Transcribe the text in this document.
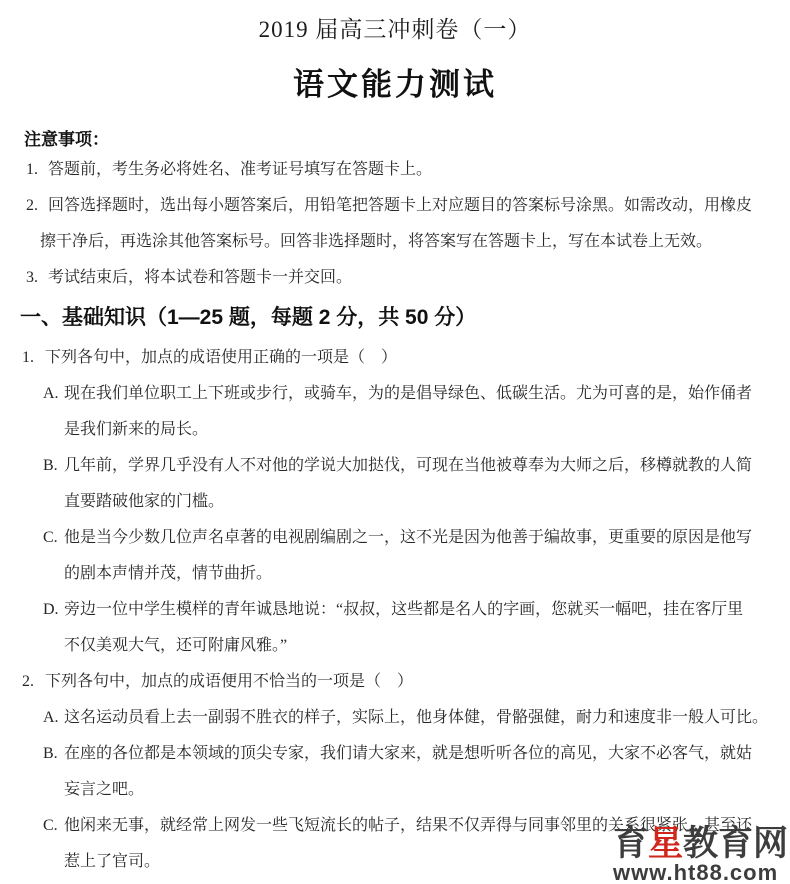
2019 届高三冲刺卷（一）
语文能力测试
注意事项：
1. 答题前，考生务必将姓名、准考证号填写在答题卡上。
2. 回答选择题时，选出每小题答案后，用铅笔把答题卡上对应题目的答案标号涂黑。如需改动，用橡皮
擦干净后，再选涂其他答案标号。回答非选择题时，将答案写在答题卡上，写在本试卷上无效。
3. 考试结束后，将本试卷和答题卡一并交回。
一、基础知识（1—25 题，每题 2 分，共 50 分）
1. 下列各句中，加点的成语使用正确的一项是（　）
A. 现在我们单位职工上下班或步行，或骑车，为的是倡导绿色、低碳生活。尤为可喜的是，始作俑者
是我们新来的局长。
B. 几年前，学界几乎没有人不对他的学说大加挞伐，可现在当他被尊奉为大师之后，移樽就教的人简
直要踏破他家的门槛。
C. 他是当今少数几位声名卓著的电视剧编剧之一，这不光是因为他善于编故事，更重要的原因是他写
的剧本声情并茂，情节曲折。
D. 旁边一位中学生模样的青年诚恳地说：“叔叔，这些都是名人的字画，您就买一幅吧，挂在客厅里
不仅美观大气，还可附庸风雅。”
2. 下列各句中，加点的成语便用不恰当的一项是（　）
A. 这名运动员看上去一副弱不胜衣的样子，实际上，他身体健，骨骼强健，耐力和速度非一般人可比。
B. 在座的各位都是本领域的顶尖专家，我们请大家来，就是想听听各位的高见，大家不必客气，就姑
妄言之吧。
C. 他闲来无事，就经常上网发一些飞短流长的帖子，结果不仅弄得与同事邻里的关系很紧张，甚至还
惹上了官司。	育星教育网
www.ht88.com
